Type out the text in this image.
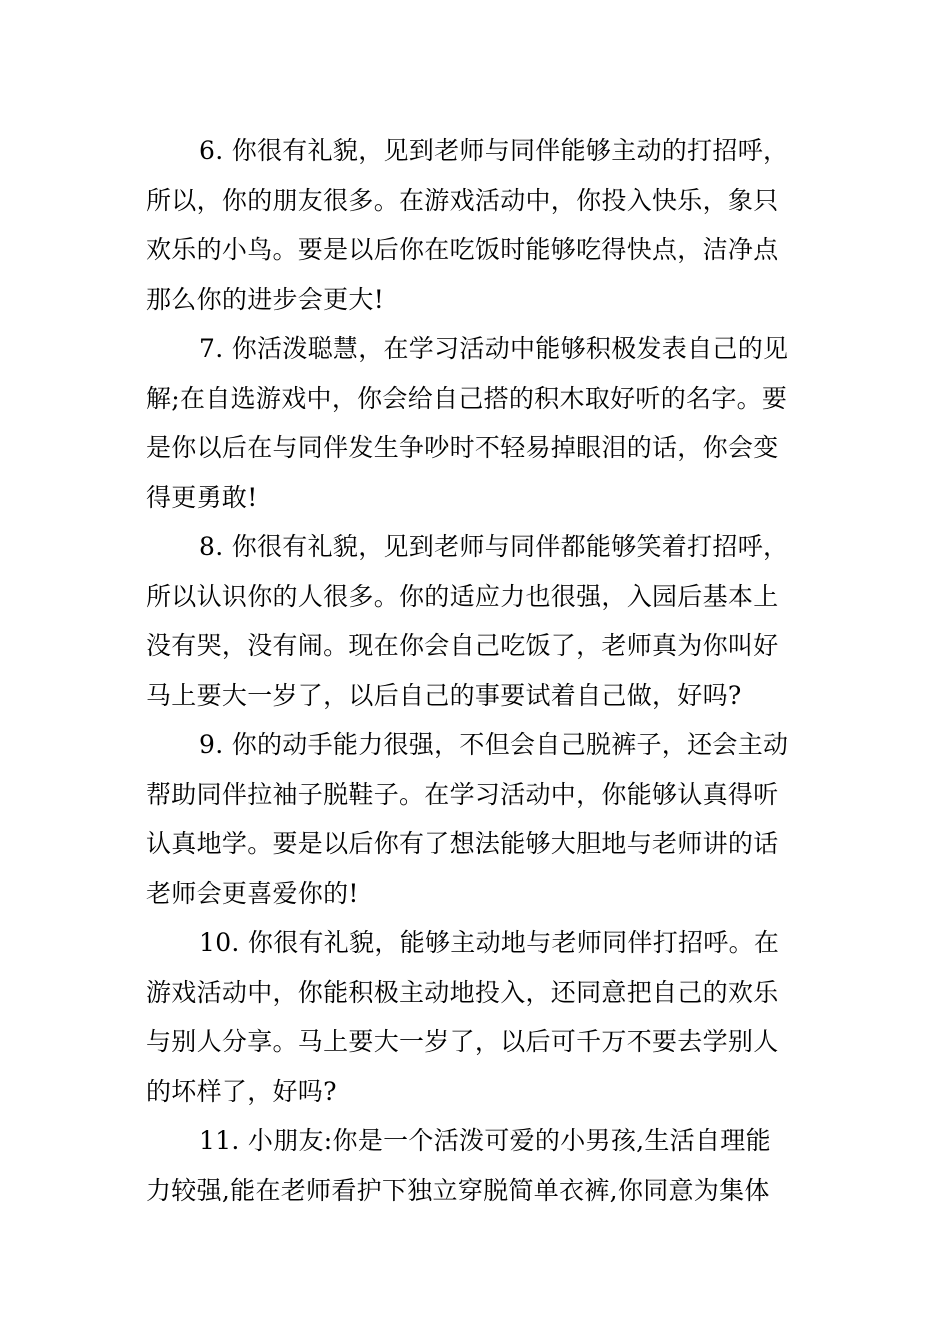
6. 你很有礼貌，见到老师与同伴能够主动的打招呼，
所以，你的朋友很多。在游戏活动中，你投入快乐，象只
欢乐的小鸟。要是以后你在吃饭时能够吃得快点，洁净点
那么你的进步会更大!

7. 你活泼聪慧，在学习活动中能够积极发表自己的见
解;在自选游戏中，你会给自己搭的积木取好听的名字。要
是你以后在与同伴发生争吵时不轻易掉眼泪的话，你会变
得更勇敢!

8. 你很有礼貌，见到老师与同伴都能够笑着打招呼，
所以认识你的人很多。你的适应力也很强，入园后基本上
没有哭，没有闹。现在你会自己吃饭了，老师真为你叫好
马上要大一岁了，以后自己的事要试着自己做，好吗?

9. 你的动手能力很强，不但会自己脱裤子，还会主动
帮助同伴拉袖子脱鞋子。在学习活动中，你能够认真得听
认真地学。要是以后你有了想法能够大胆地与老师讲的话
老师会更喜爱你的!

10. 你很有礼貌，能够主动地与老师同伴打招呼。在
游戏活动中，你能积极主动地投入，还同意把自己的欢乐
与别人分享。马上要大一岁了，以后可千万不要去学别人
的坏样了，好吗?

11. 小朋友:你是一个活泼可爱的小男孩,生活自理能
力较强,能在老师看护下独立穿脱简单衣裤,你同意为集体
